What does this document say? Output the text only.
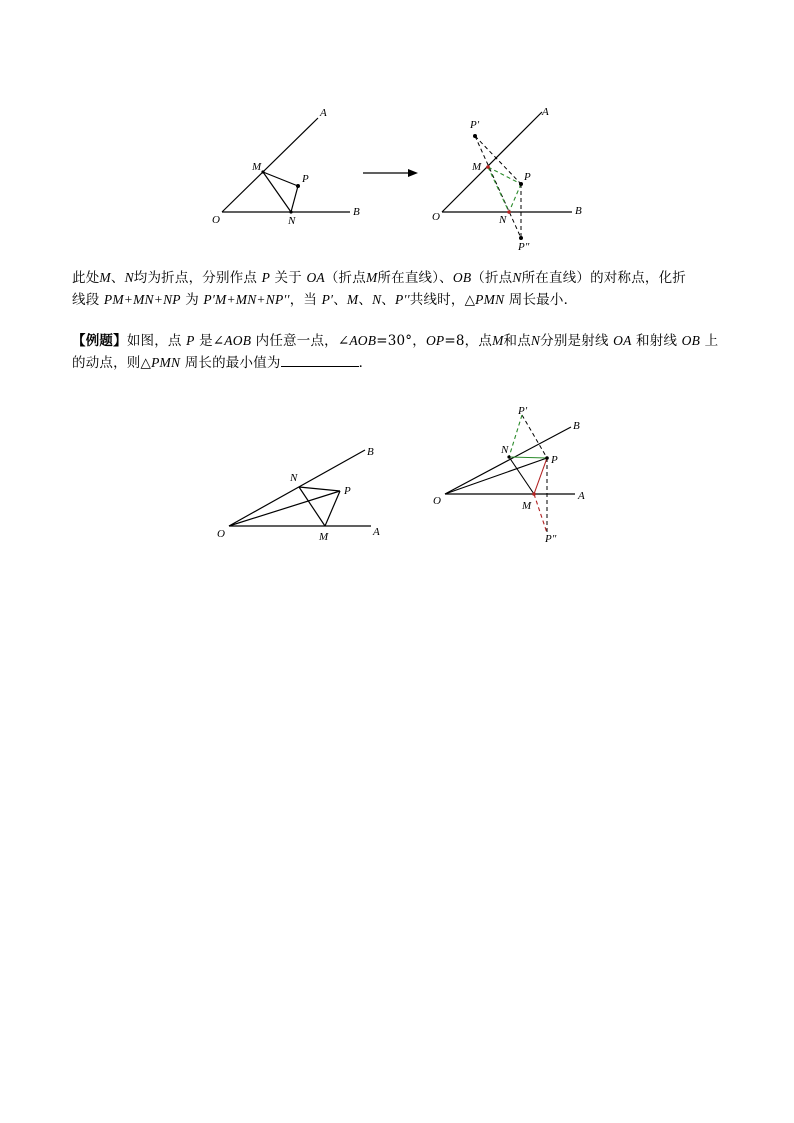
O
A
B
M
N
P
O
A
B
M
N
P
P′
P″
此处M、N均为折点，分别作点 P 关于 OA（折点M所在直线）、OB（折点N所在直线）的对称点，化折
线段 PM+MN+NP 为 P′M+MN+NP′′，当 P′、M、N、P′′共线时，△PMN 周长最小．
【例题】如图，点 P 是∠AOB 内任意一点，∠AOB=30°，OP=8，点M和点N分别是射线 OA 和射线 OB 上
的动点，则△PMN 周长的最小值为	．
O	A
B
M
N
P
O	A
B
M
N
P
P′
P″
